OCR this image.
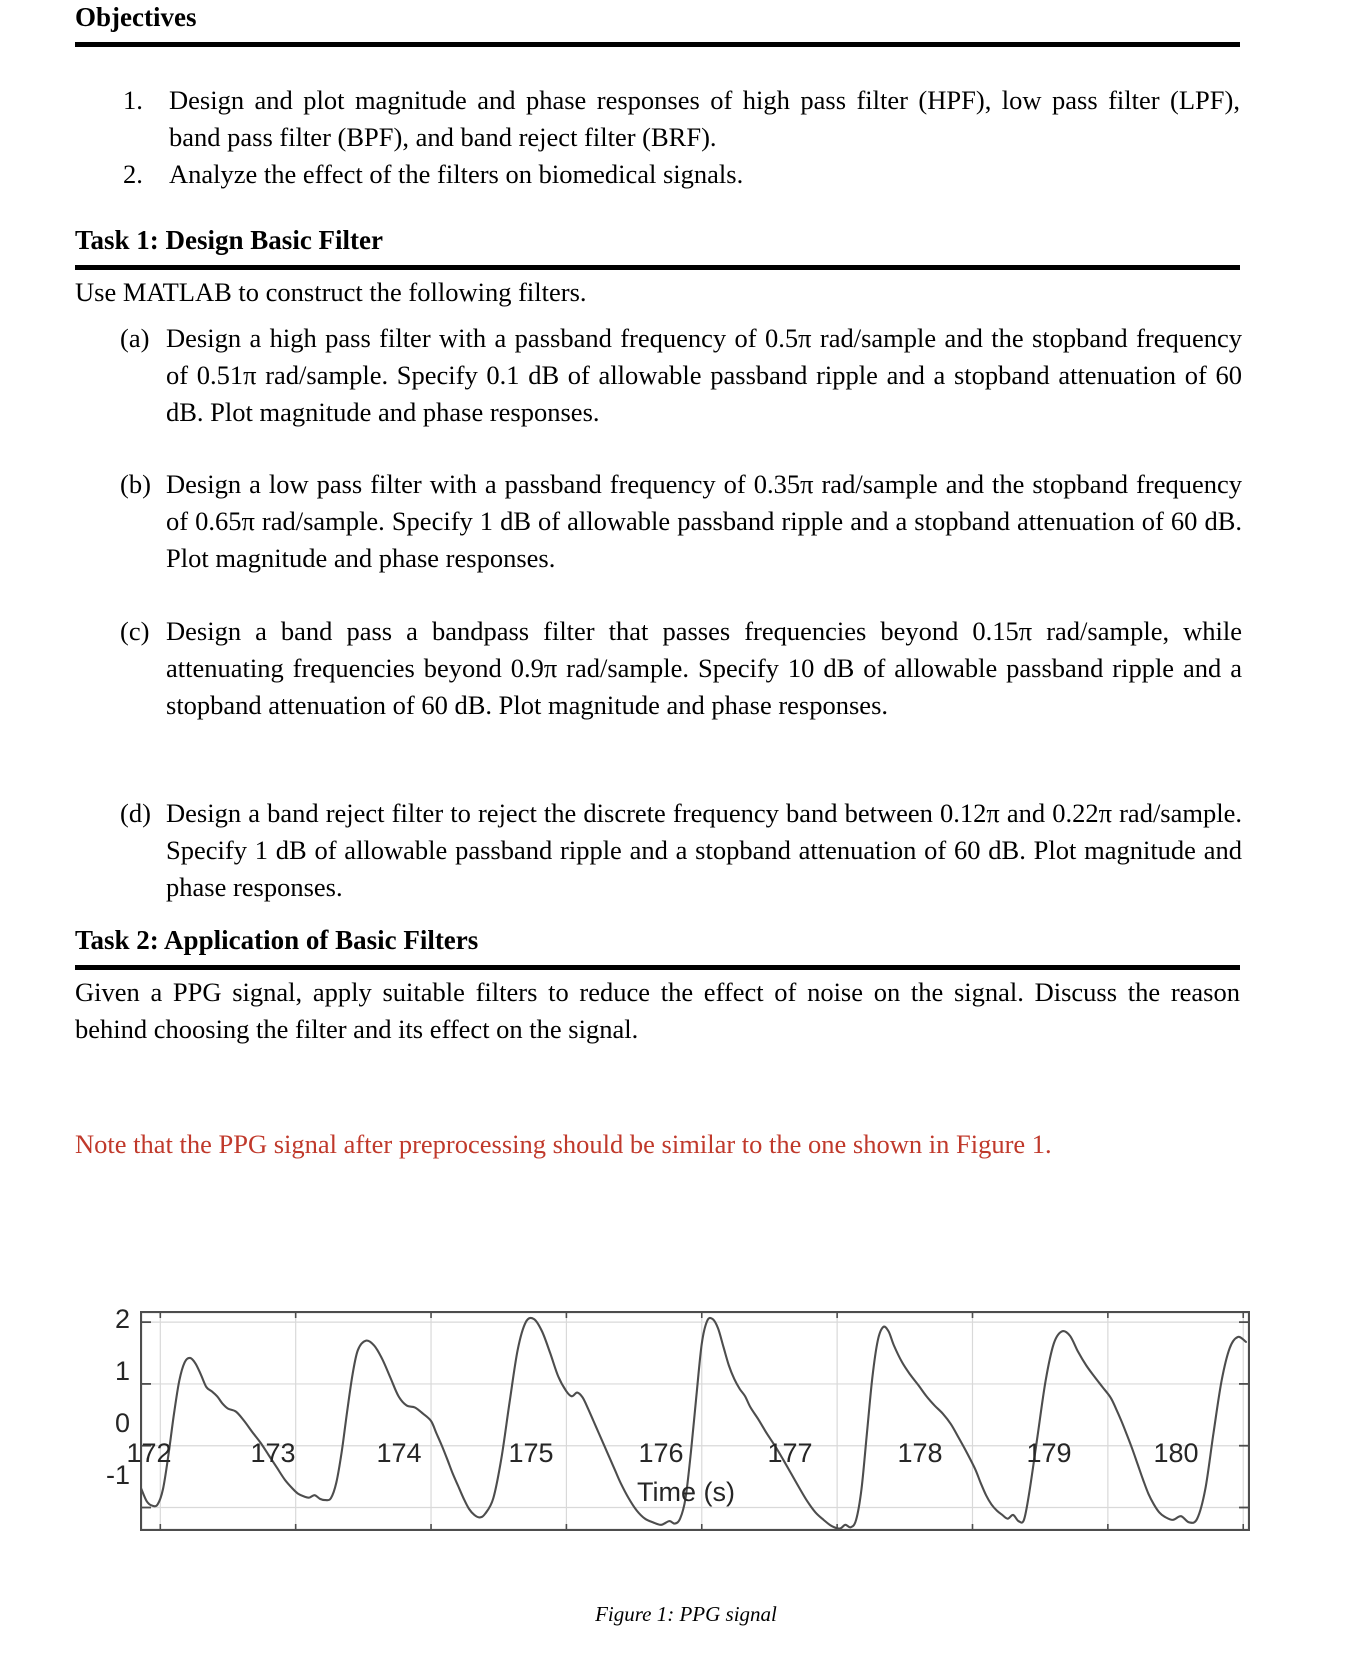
Objectives
1. Design and plot magnitude and phase responses of high pass filter (HPF), low pass filter (LPF), band pass filter (BPF), and band reject filter (BRF).
2. Analyze the effect of the filters on biomedical signals.
Task 1: Design Basic Filter
Use MATLAB to construct the following filters.
(a) Design a high pass filter with a passband frequency of 0.5π rad/sample and the stopband frequency of 0.51π rad/sample. Specify 0.1 dB of allowable passband ripple and a stopband attenuation of 60 dB. Plot magnitude and phase responses.
(b) Design a low pass filter with a passband frequency of 0.35π rad/sample and the stopband frequency of 0.65π rad/sample. Specify 1 dB of allowable passband ripple and a stopband attenuation of 60 dB. Plot magnitude and phase responses.
(c) Design a band pass a bandpass filter that passes frequencies beyond 0.15π rad/sample, while attenuating frequencies beyond 0.9π rad/sample. Specify 10 dB of allowable passband ripple and a stopband attenuation of 60 dB. Plot magnitude and phase responses.
(d) Design a band reject filter to reject the discrete frequency band between 0.12π and 0.22π rad/sample. Specify 1 dB of allowable passband ripple and a stopband attenuation of 60 dB. Plot magnitude and phase responses.
Task 2: Application of Basic Filters
Given a PPG signal, apply suitable filters to reduce the effect of noise on the signal. Discuss the reason behind choosing the filter and its effect on the signal.
Note that the PPG signal after preprocessing should be similar to the one shown in Figure 1.
2
1
0
-1
172	173	174	175	176	177	178	179	180
Time (s)
Figure 1: PPG signal
